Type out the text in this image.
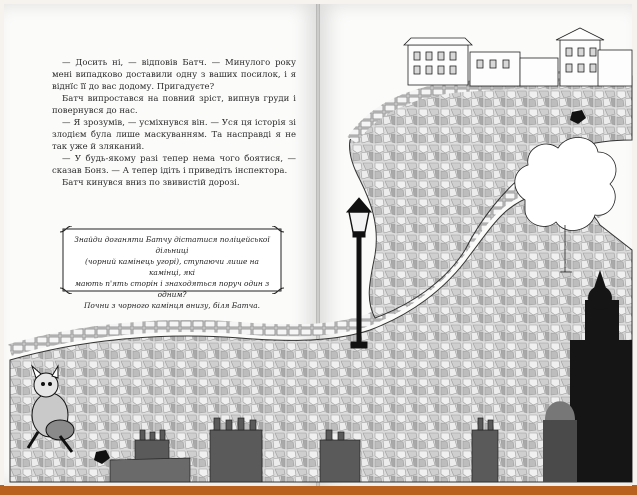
— Досить ні, — відповів Батч. — Минулого року мені випадково доставили одну з ваших посилок, і я віднїс її до вас додому. Пригадуєте?

Батч випростався на повний зріст, випнув груди і повернувся до нас.

— Я зрозумів, — усміхнувся він. — Уся ця історія зі злодієм була лише маскуванням. Та насправді я не так уже й зляканий.

— У будь-якому разі тепер нема чого боятися, — сказав Бонз. — А тепер ідіть і приведіть інспектора.

Батч кинувся вниз по звивистій дорозі.

Знайди доганяти Батчу дістатися поліцейської дільниці
(чорний камінець угорі), ступаючи лише на камінці, які
мають п'ять сторін і знаходяться поруч один з одним?
Почни з чорного камінця внизу, біля Батча.
